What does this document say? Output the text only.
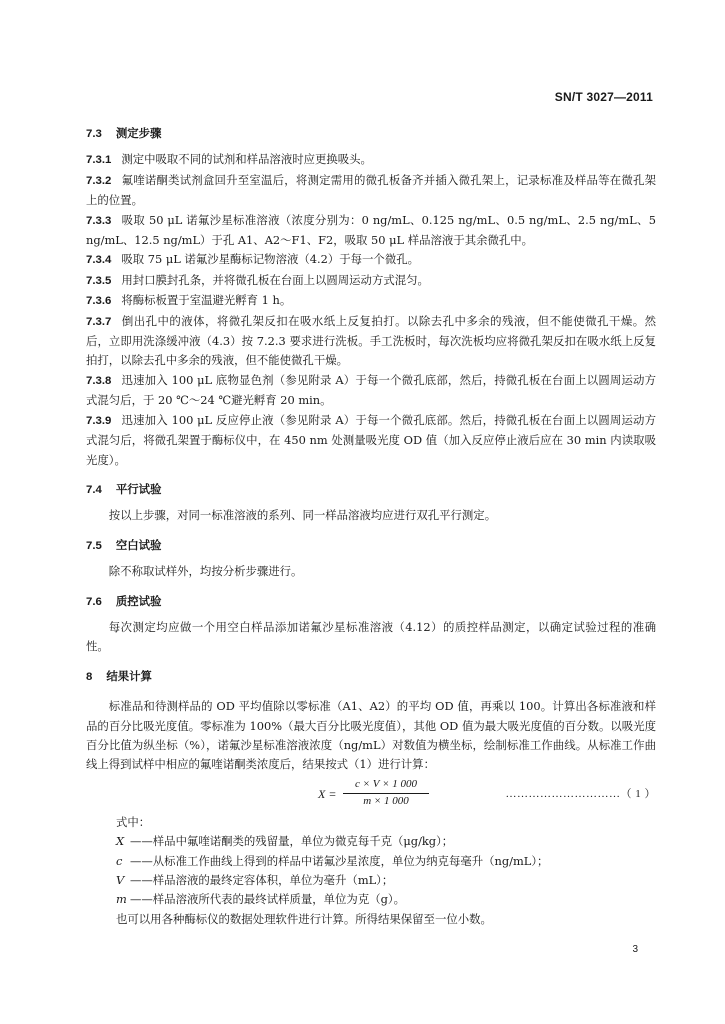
SN/T 3027—2011

7.3 测定步骤

7.3.1 测定中吸取不同的试剂和样品溶液时应更换吸头。

7.3.2 氟喹诺酮类试剂盒回升至室温后，将测定需用的微孔板备齐并插入微孔架上，记录标准及样品等在微孔架上的位置。

7.3.3 吸取 50 μL 诺氟沙星标准溶液（浓度分别为：0 ng/mL、0.125 ng/mL、0.5 ng/mL、2.5 ng/mL、5 ng/mL、12.5 ng/mL）于孔 A1、A2～F1、F2，吸取 50 μL 样品溶液于其余微孔中。

7.3.4 吸取 75 μL 诺氟沙星酶标记物溶液（4.2）于每一个微孔。

7.3.5 用封口膜封孔条，并将微孔板在台面上以圆周运动方式混匀。

7.3.6 将酶标板置于室温避光孵育 1 h。

7.3.7 倒出孔中的液体，将微孔架反扣在吸水纸上反复拍打。以除去孔中多余的残液，但不能使微孔干燥。然后，立即用洗涤缓冲液（4.3）按 7.2.3 要求进行洗板。手工洗板时，每次洗板均应将微孔架反扣在吸水纸上反复拍打，以除去孔中多余的残液，但不能使微孔干燥。

7.3.8 迅速加入 100 μL 底物显色剂（参见附录 A）于每一个微孔底部，然后，持微孔板在台面上以圆周运动方式混匀后，于 20 ℃～24 ℃避光孵育 20 min。

7.3.9 迅速加入 100 μL 反应停止液（参见附录 A）于每一个微孔底部。然后，持微孔板在台面上以圆周运动方式混匀后，将微孔架置于酶标仪中，在 450 nm 处测量吸光度 OD 值（加入反应停止液后应在 30 min 内读取吸光度）。

7.4 平行试验

按以上步骤，对同一标准溶液的系列、同一样品溶液均应进行双孔平行测定。

7.5 空白试验

除不称取试样外，均按分析步骤进行。

7.6 质控试验

每次测定均应做一个用空白样品添加诺氟沙星标准溶液（4.12）的质控样品测定，以确定试验过程的准确性。

8 结果计算

标准品和待测样品的 OD 平均值除以零标准（A1、A2）的平均 OD 值，再乘以 100。计算出各标准液和样品的百分比吸光度值。零标准为 100%（最大百分比吸光度值），其他 OD 值为最大吸光度值的百分数。以吸光度百分比值为纵坐标（%），诺氟沙星标准溶液浓度（ng/mL）对数值为横坐标，绘制标准工作曲线。从标准工作曲线上得到试样中相应的氟喹诺酮类浓度后，结果按式（1）进行计算：

$X = \frac{c \times V \times 1 000}{m \times 1 000}$	…………………………（ 1 ）

式中：

X ——样品中氟喹诺酮类的残留量，单位为微克每千克（μg/kg）；

c ——从标准工作曲线上得到的样品中诺氟沙星浓度，单位为纳克每毫升（ng/mL）；

V ——样品溶液的最终定容体积，单位为毫升（mL）；

m ——样品溶液所代表的最终试样质量，单位为克（g）。

也可以用各种酶标仪的数据处理软件进行计算。所得结果保留至一位小数。

3
